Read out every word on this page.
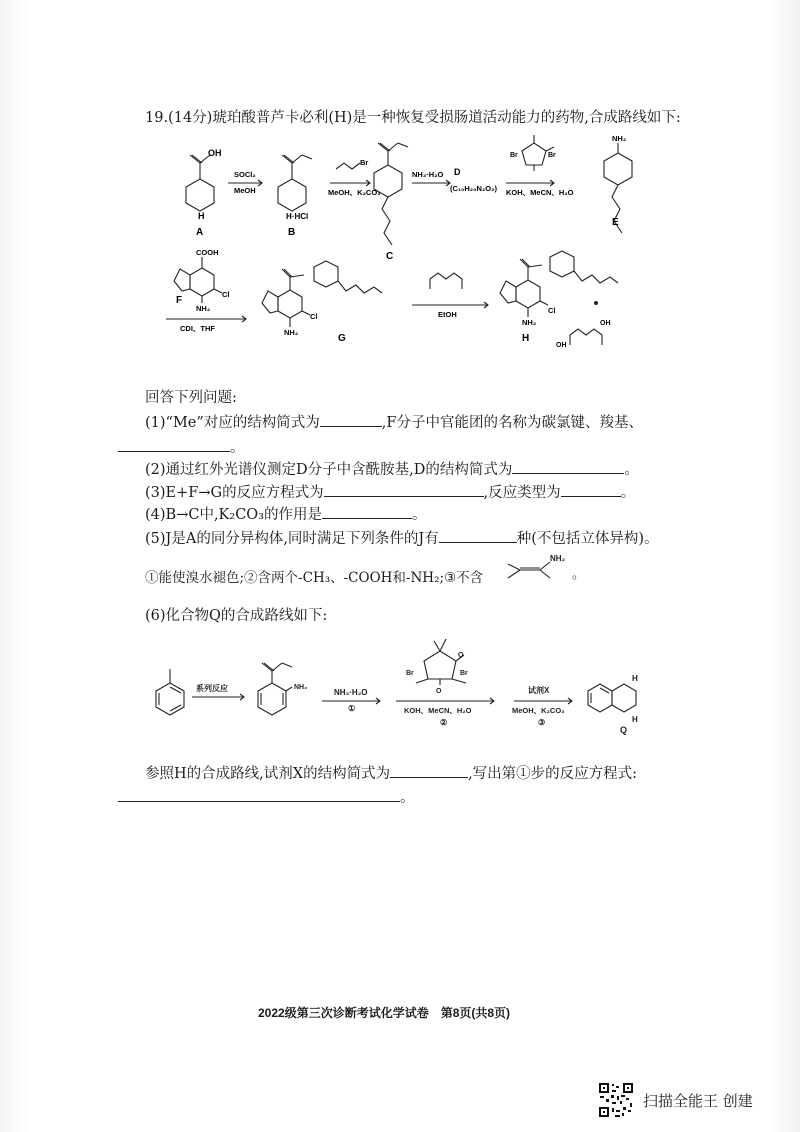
19.(14分)琥珀酸普芦卡必利(H)是一种恢复受损肠道活动能力的药物,合成路线如下:
OH
H
A
SOCl₂
MeOH
H·HCl
B
Br
MeOH、K₂CO₃
C
NH₃·H₂O D
(C₁₀H₂₀N₂O₂)
Br	Br
KOH、MeCN、H₂O
NH₂
E
COOH
Cl
NH₂
F
CDI、THF
Cl
NH₂
G
EtOH	Cl
NH₂
H
OH
OH
回答下列问题:
(1)“Me”对应的结构简式为	,F分子中官能团的名称为碳氯键、羧基、
。
(2)通过红外光谱仪测定D分子中含酰胺基,D的结构简式为	。
(3)E+F→G的反应方程式为	,反应类型为	。
(4)B→C中,K₂CO₃的作用是	。
(5)J是A的同分异构体,同时满足下列条件的J有	种(不包括立体异构)。
①能使溴水褪色;②含两个-CH₃、-COOH和-NH₂;③不含
NH₂
。
(6)化合物Q的合成路线如下:
系列反应	NH₂
NH₃·H₂O
①
Br	Br
O
O
KOH、MeCN、H₂O
②
试剂X
MeOH、K₂CO₃
③
H
H
Q
参照H的合成路线,试剂X的结构简式为	,写出第①步的反应方程式:
。
2022级第三次诊断考试化学试卷　第8页(共8页)
扫描全能王 创建
